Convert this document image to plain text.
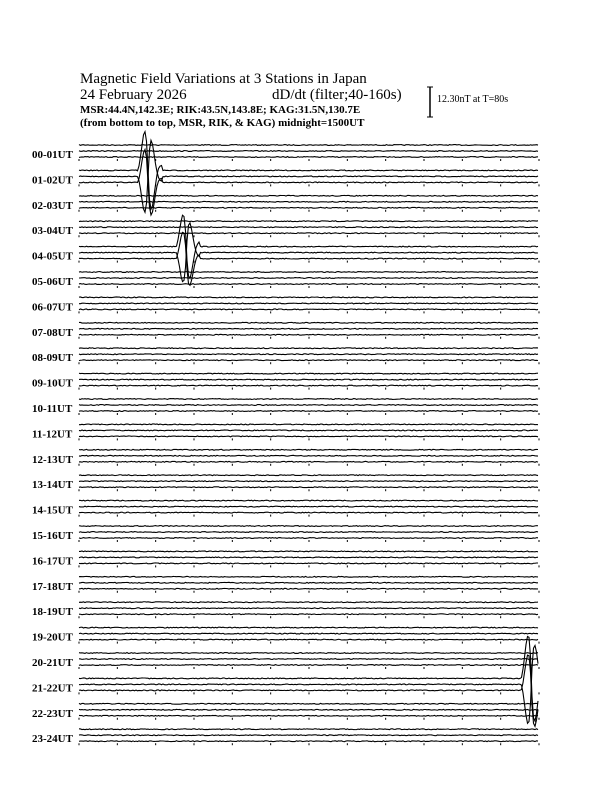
Magnetic Field Variations at 3 Stations in Japan
24 February 2026	dD/dt (filter;40-160s)
MSR:44.4N,142.3E; RIK:43.5N,143.8E; KAG:31.5N,130.7E
(from bottom to top, MSR, RIK, & KAG) midnight=1500UT
12.30nT at T=80s
00-01UT
01-02UT
02-03UT
03-04UT
04-05UT
05-06UT
06-07UT
07-08UT
08-09UT
09-10UT
10-11UT
11-12UT
12-13UT
13-14UT
14-15UT
15-16UT
16-17UT
17-18UT
18-19UT
19-20UT
20-21UT
21-22UT
22-23UT
23-24UT
